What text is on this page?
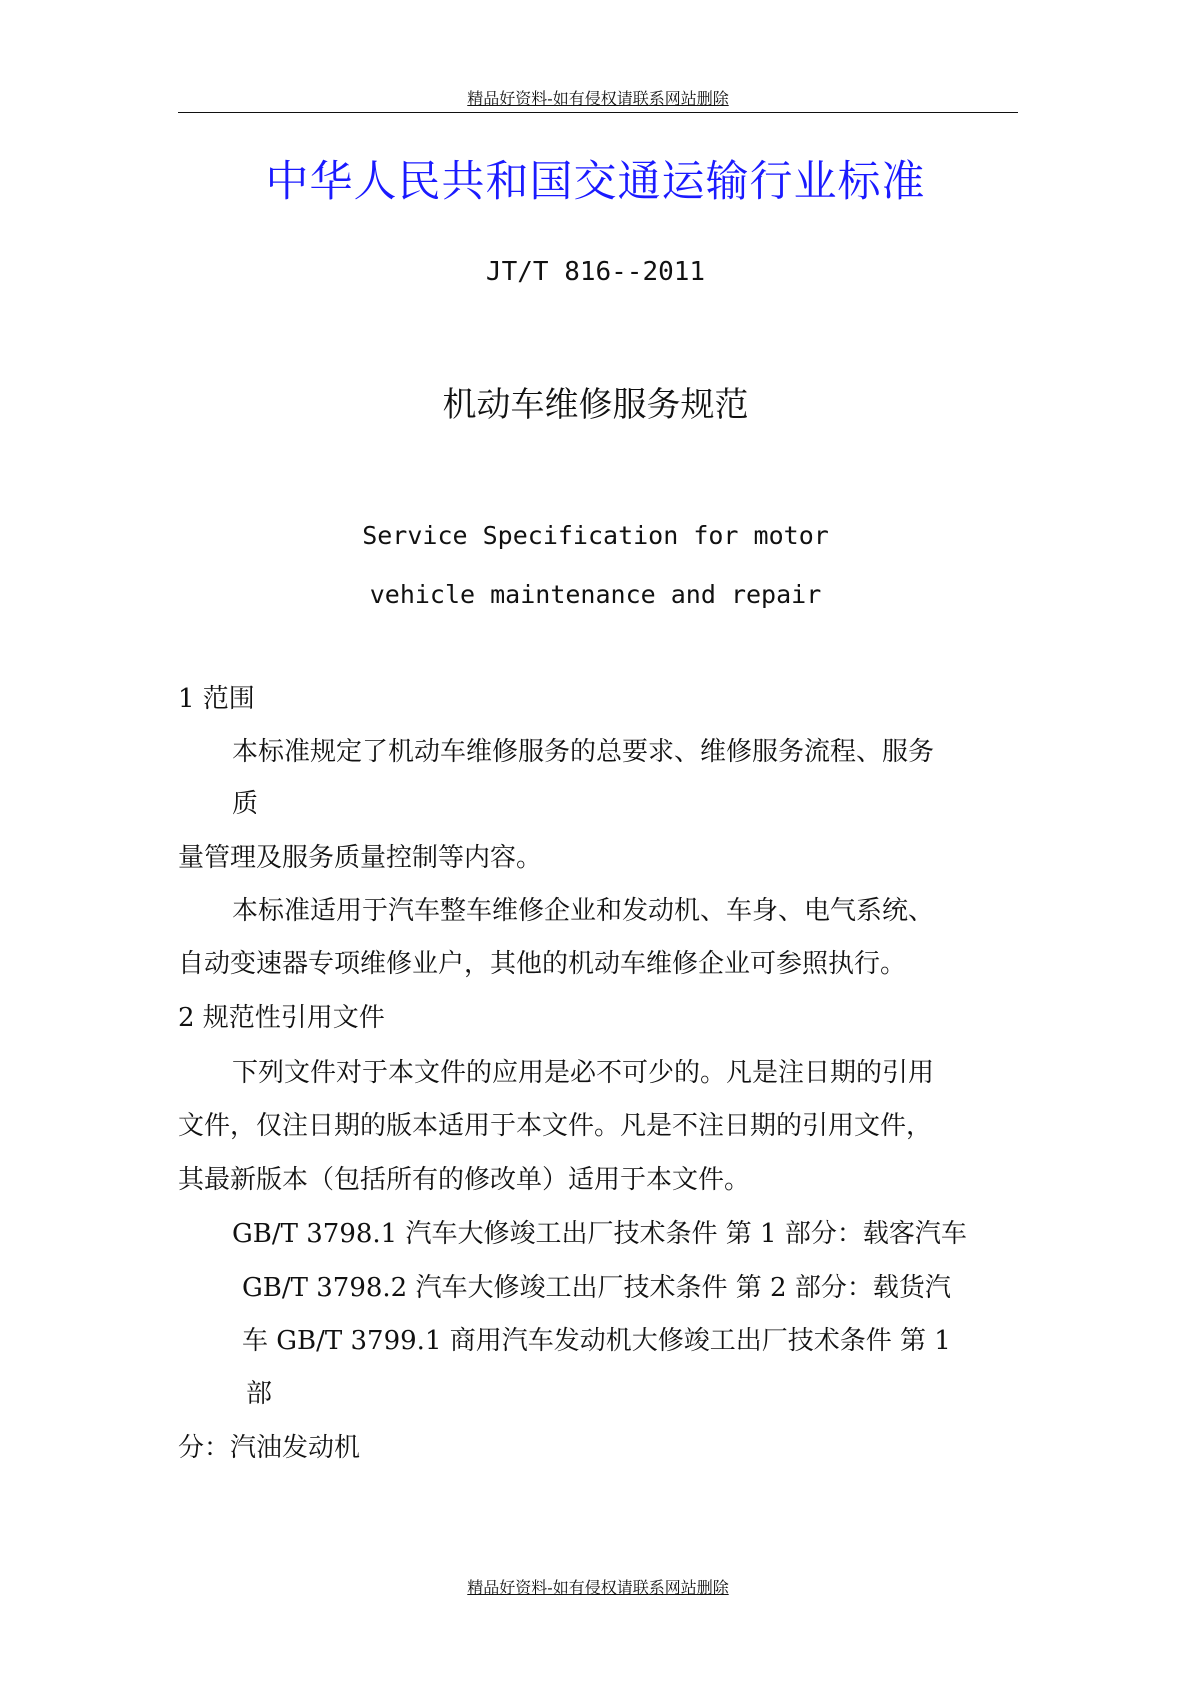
精品好资料-如有侵权请联系网站删除
中华人民共和国交通运输行业标准
JT/T 816--2011
机动车维修服务规范
Service Specification for motor
vehicle maintenance and repair
1 范围
本标准规定了机动车维修服务的总要求、维修服务流程、服务
质
量管理及服务质量控制等内容。
本标准适用于汽车整车维修企业和发动机、车身、电气系统、
自动变速器专项维修业户，其他的机动车维修企业可参照执行。
2 规范性引用文件
下列文件对于本文件的应用是必不可少的。凡是注日期的引用
文件，仅注日期的版本适用于本文件。凡是不注日期的引用文件，
其最新版本（包括所有的修改单）适用于本文件。
GB/T 3798.1 汽车大修竣工出厂技术条件 第 1 部分：载客汽车
GB/T 3798.2 汽车大修竣工出厂技术条件 第 2 部分：载货汽
车 GB/T 3799.1 商用汽车发动机大修竣工出厂技术条件 第 1
部
分：汽油发动机
精品好资料-如有侵权请联系网站删除
